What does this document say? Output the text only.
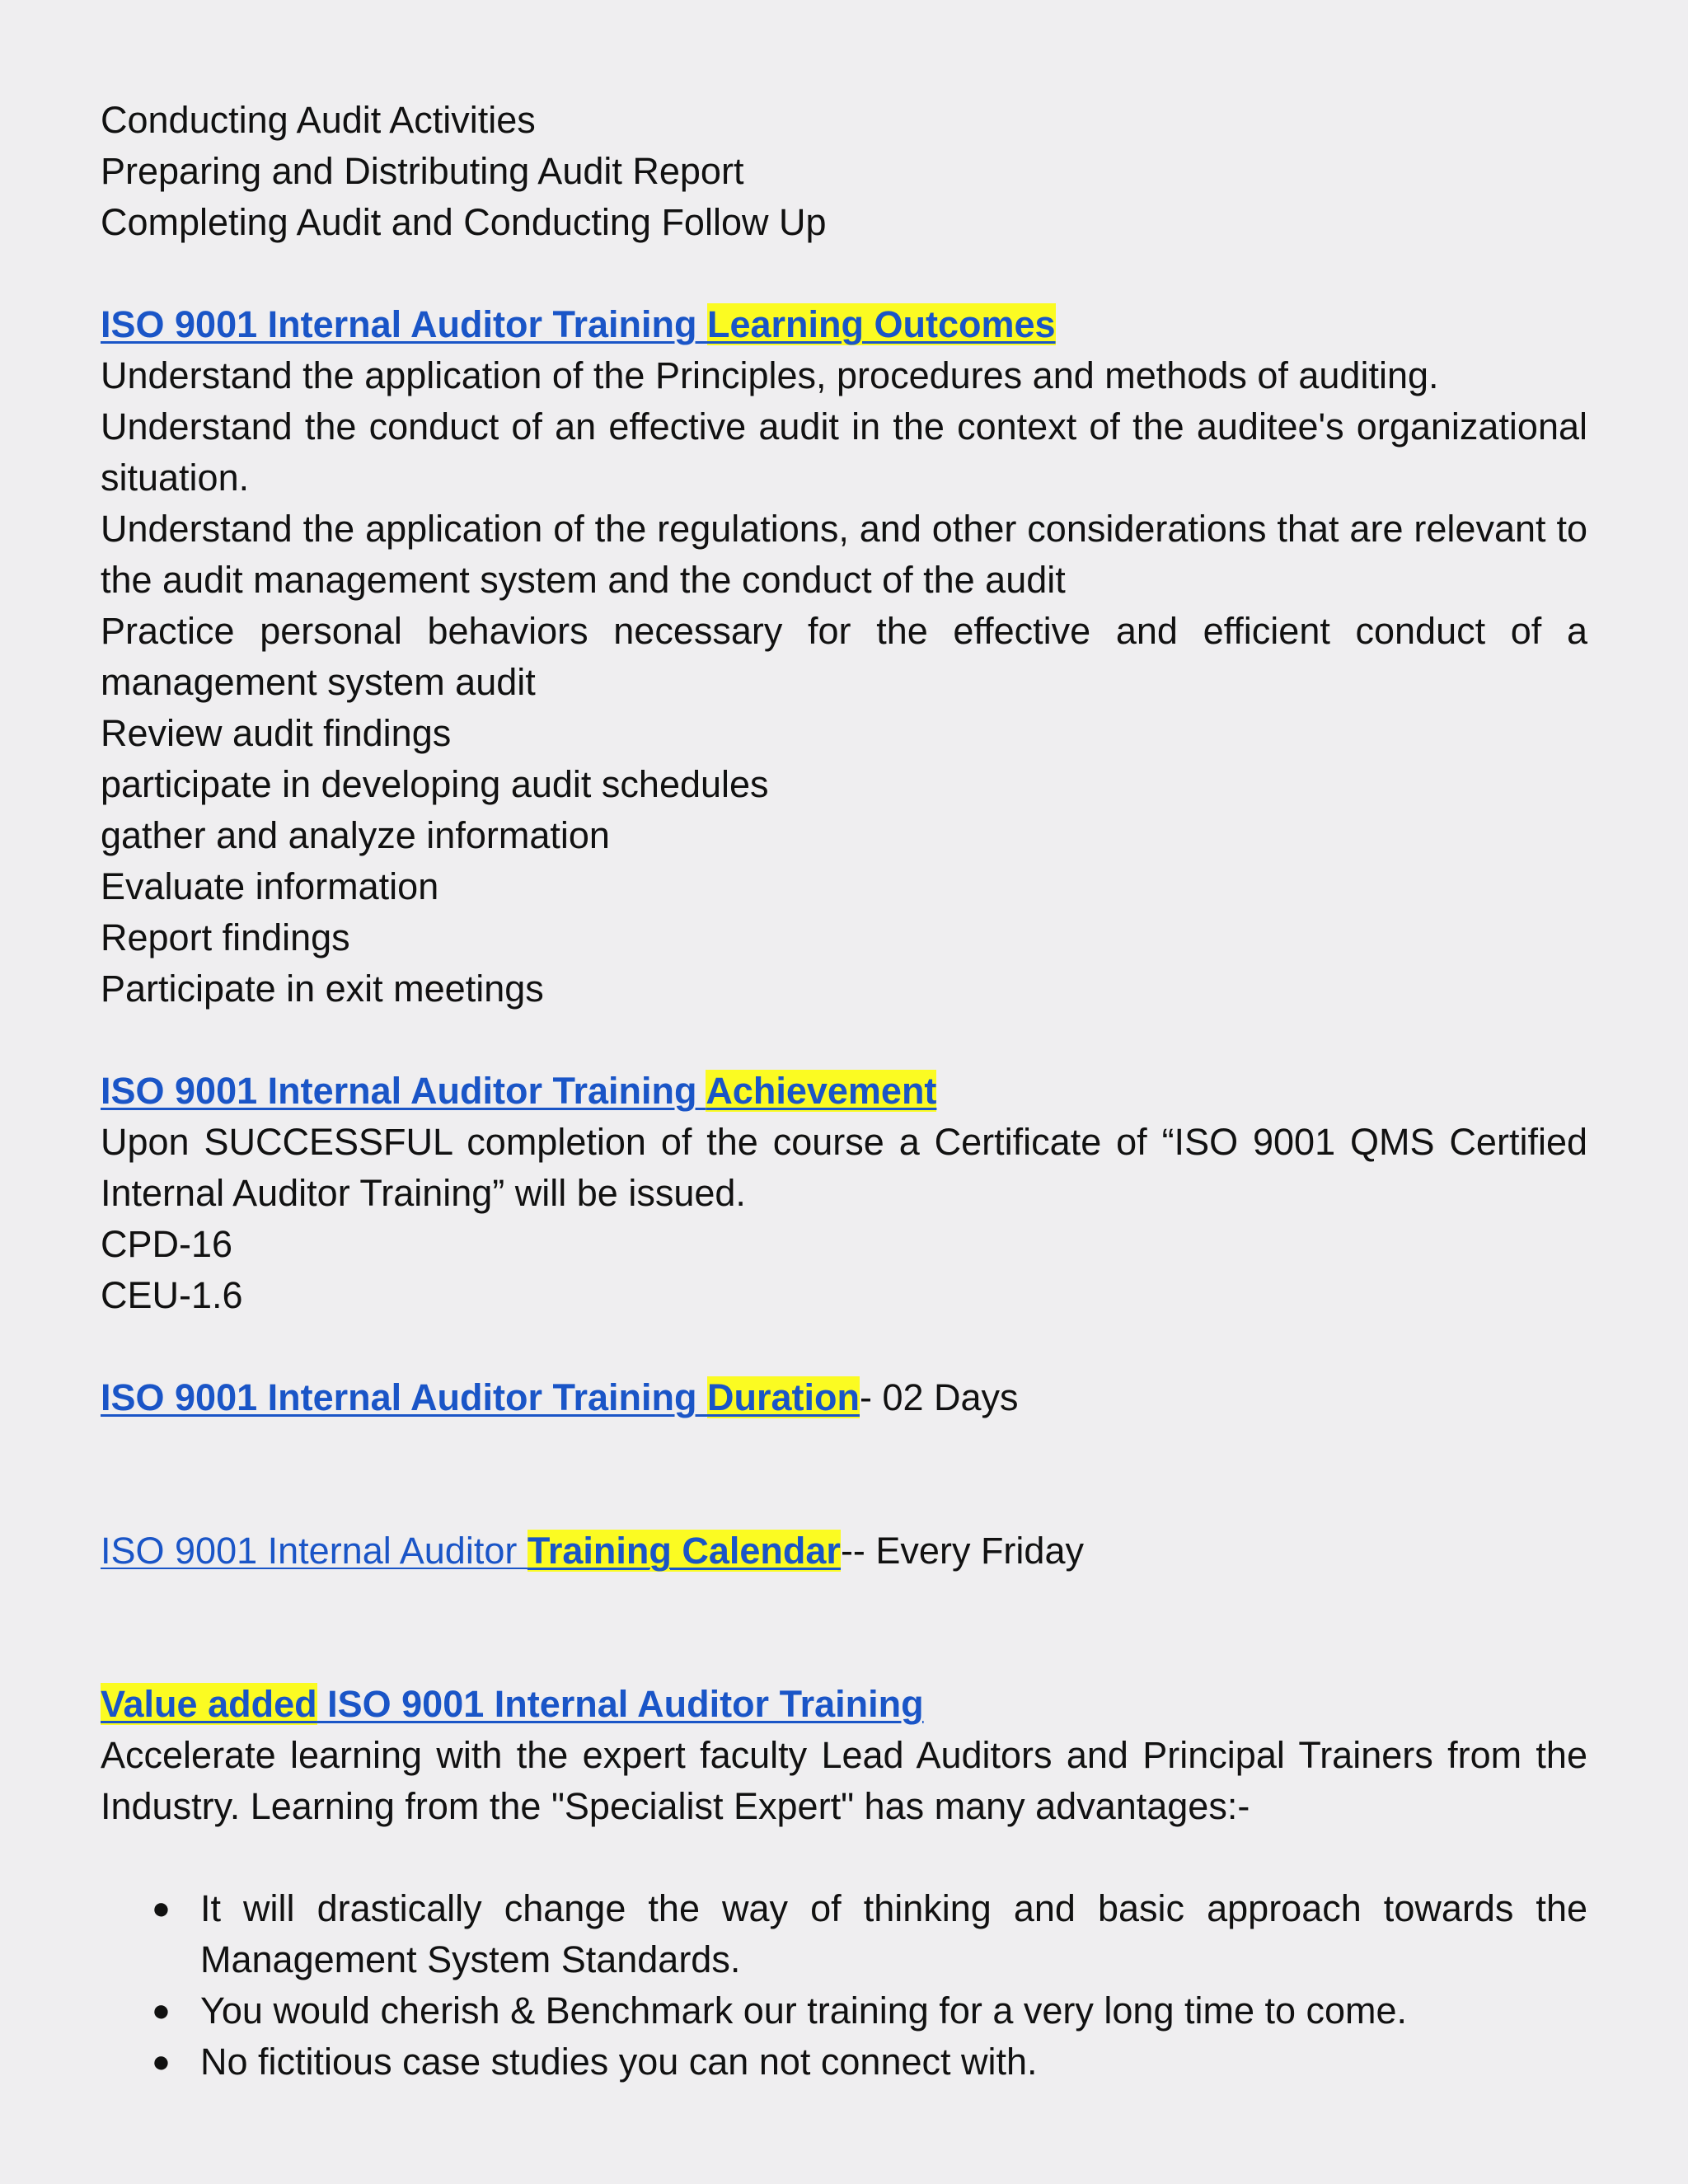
Conducting Audit Activities

Preparing and Distributing Audit Report

Completing Audit and Conducting Follow Up

ISO 9001 Internal Auditor Training Learning Outcomes

Understand the application of the Principles, procedures and methods of auditing.

Understand the conduct of an effective audit in the context of the auditee's organizational situation.

Understand the application of the regulations, and other considerations that are relevant to the audit management system and the conduct of the audit

Practice personal behaviors necessary for the effective and efficient conduct of a management system audit

Review audit findings

participate in developing audit schedules

gather and analyze information

Evaluate information

Report findings

Participate in exit meetings

ISO 9001 Internal Auditor Training Achievement

Upon SUCCESSFUL completion of the course a Certificate of “ISO 9001 QMS Certified Internal Auditor Training” will be issued.

CPD-16

CEU-1.6

ISO 9001 Internal Auditor Training Duration- 02 Days

ISO 9001 Internal Auditor Training Calendar-- Every Friday

Value added ISO 9001 Internal Auditor Training

Accelerate learning with the expert faculty Lead Auditors and Principal Trainers from the Industry. Learning from the "Specialist Expert" has many advantages:-

● It will drastically change the way of thinking and basic approach towards the Management System Standards.
● You would cherish & Benchmark our training for a very long time to come.
● No fictitious case studies you can not connect with.
